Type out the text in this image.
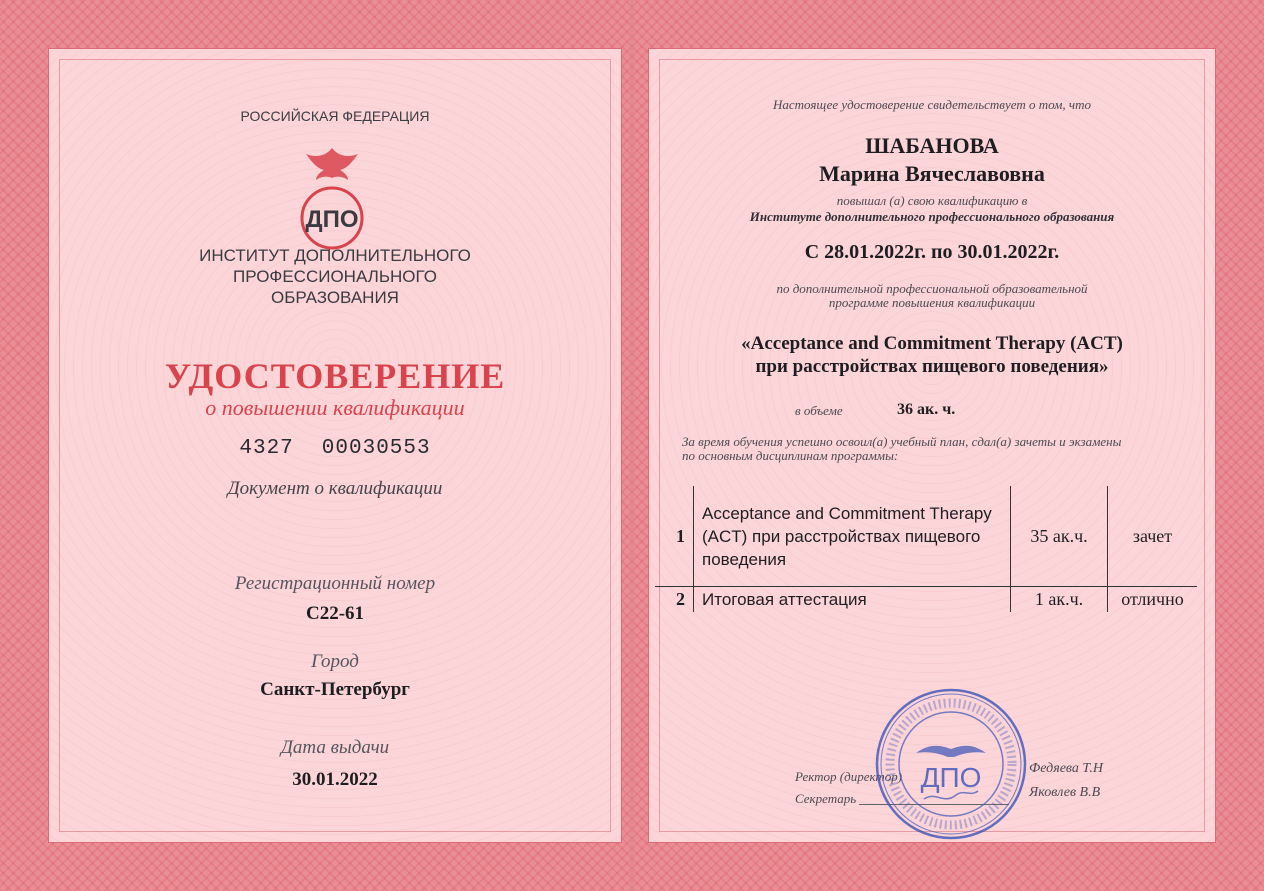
РОССИЙСКАЯ ФЕДЕРАЦИЯ
ДПО
ИНСТИТУТ ДОПОЛНИТЕЛЬНОГО
ПРОФЕССИОНАЛЬНОГО
ОБРАЗОВАНИЯ
УДОСТОВЕРЕНИЕ
о повышении квалификации
4327 00030553
Документ о квалификации
Регистрационный номер
С22-61
Город
Санкт-Петербург
Дата выдачи
30.01.2022
Настоящее удостоверение свидетельствует о том, что
ШАБАНОВА
Марина Вячеславовна
повышал (а) свою квалификацию в
Институте дополнительного профессионального образования
С 28.01.2022г. по 30.01.2022г.
по дополнительной профессиональной образовательной
программе повышения квалификации
«Acceptance and Commitment Therapy (ACT)
при расстройствах пищевого поведения»
в объеме	36 ак. ч.
За время обучения успешно освоил(а) учебный план, сдал(а) зачеты и экзамены
по основным дисциплинам программы:
1	Acceptance and Commitment Therapy (ACT) при расстройствах пищевого поведения	35 ак.ч.	зачет
2	Итоговая аттестация	1 ак.ч.	отлично
Ректор (директор)
Федяева Т.Н
Секретарь	Яковлев В.В
ДПО
